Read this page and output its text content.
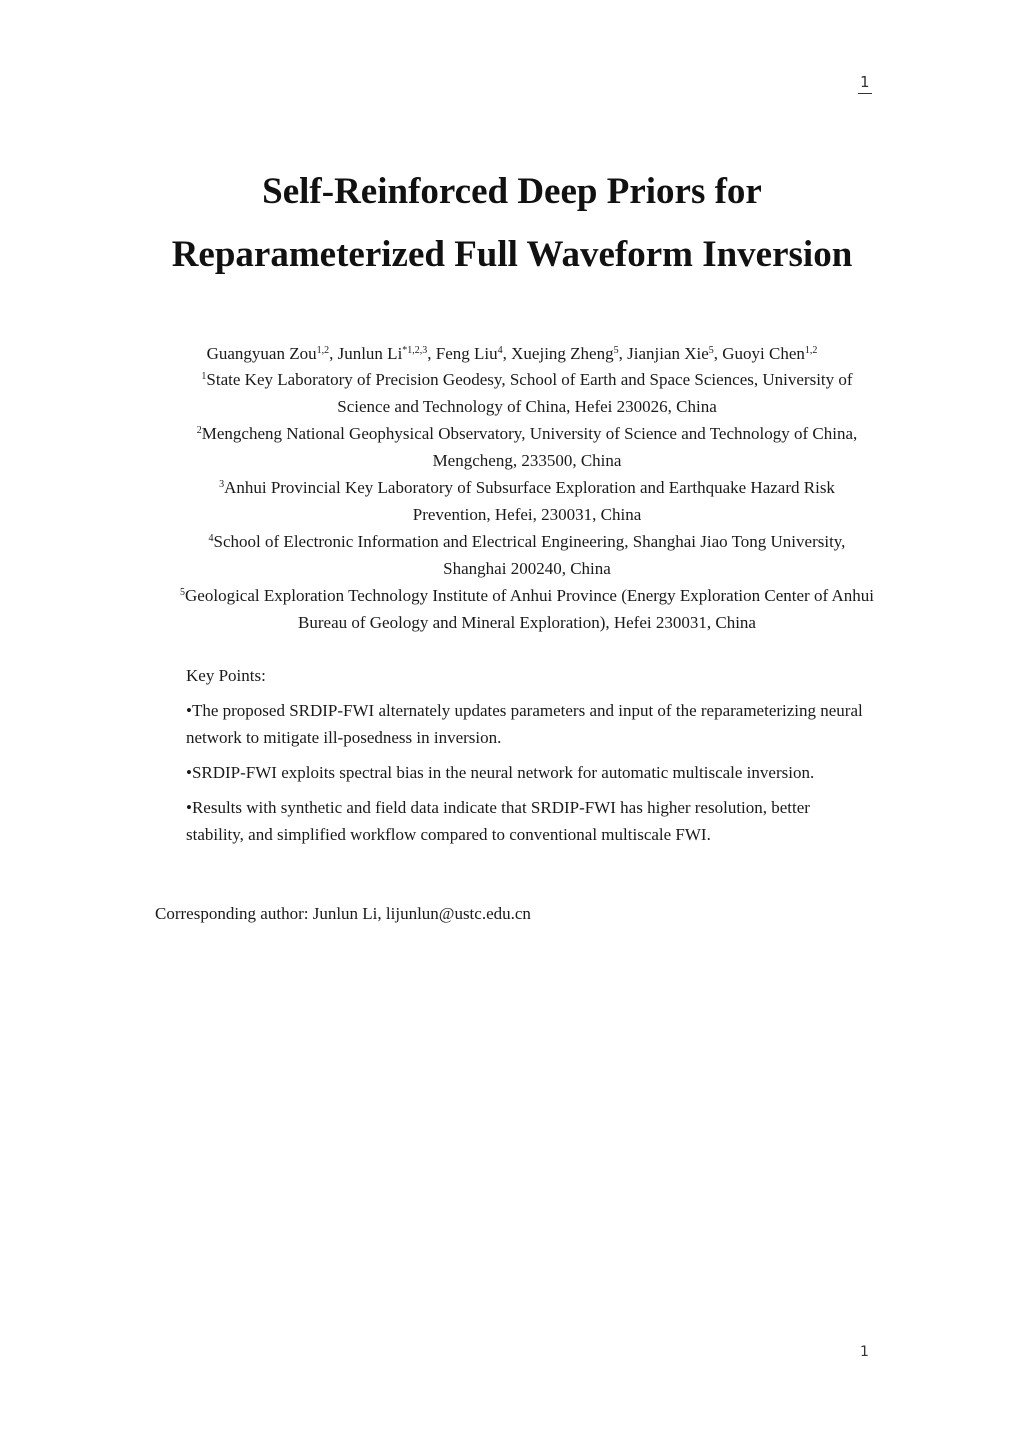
1
Self-Reinforced Deep Priors for
Reparameterized Full Waveform Inversion
Guangyuan Zou$^{1,2}$, Junlun Li$^{*1,2,3}$, Feng Liu$^4$, Xuejing Zheng$^5$, Jianjian Xie$^5$, Guoyi Chen$^{1,2}$

$^1$State Key Laboratory of Precision Geodesy, School of Earth and Space Sciences, University of Science and Technology of China, Hefei 230026, China

$^2$Mengcheng National Geophysical Observatory, University of Science and Technology of China, Mengcheng, 233500, China

$^3$Anhui Provincial Key Laboratory of Subsurface Exploration and Earthquake Hazard Risk Prevention, Hefei, 230031, China

$^4$School of Electronic Information and Electrical Engineering, Shanghai Jiao Tong University, Shanghai 200240, China

$^5$Geological Exploration Technology Institute of Anhui Province (Energy Exploration Center of Anhui Bureau of Geology and Mineral Exploration), Hefei 230031, China

Key Points:

•The proposed SRDIP-FWI alternately updates parameters and input of the reparameterizing neural network to mitigate ill-posedness in inversion.

•SRDIP-FWI exploits spectral bias in the neural network for automatic multiscale inversion.

•Results with synthetic and field data indicate that SRDIP-FWI has higher resolution, better stability, and simplified workflow compared to conventional multiscale FWI.

Corresponding author: Junlun Li, lijunlun@ustc.edu.cn
1
